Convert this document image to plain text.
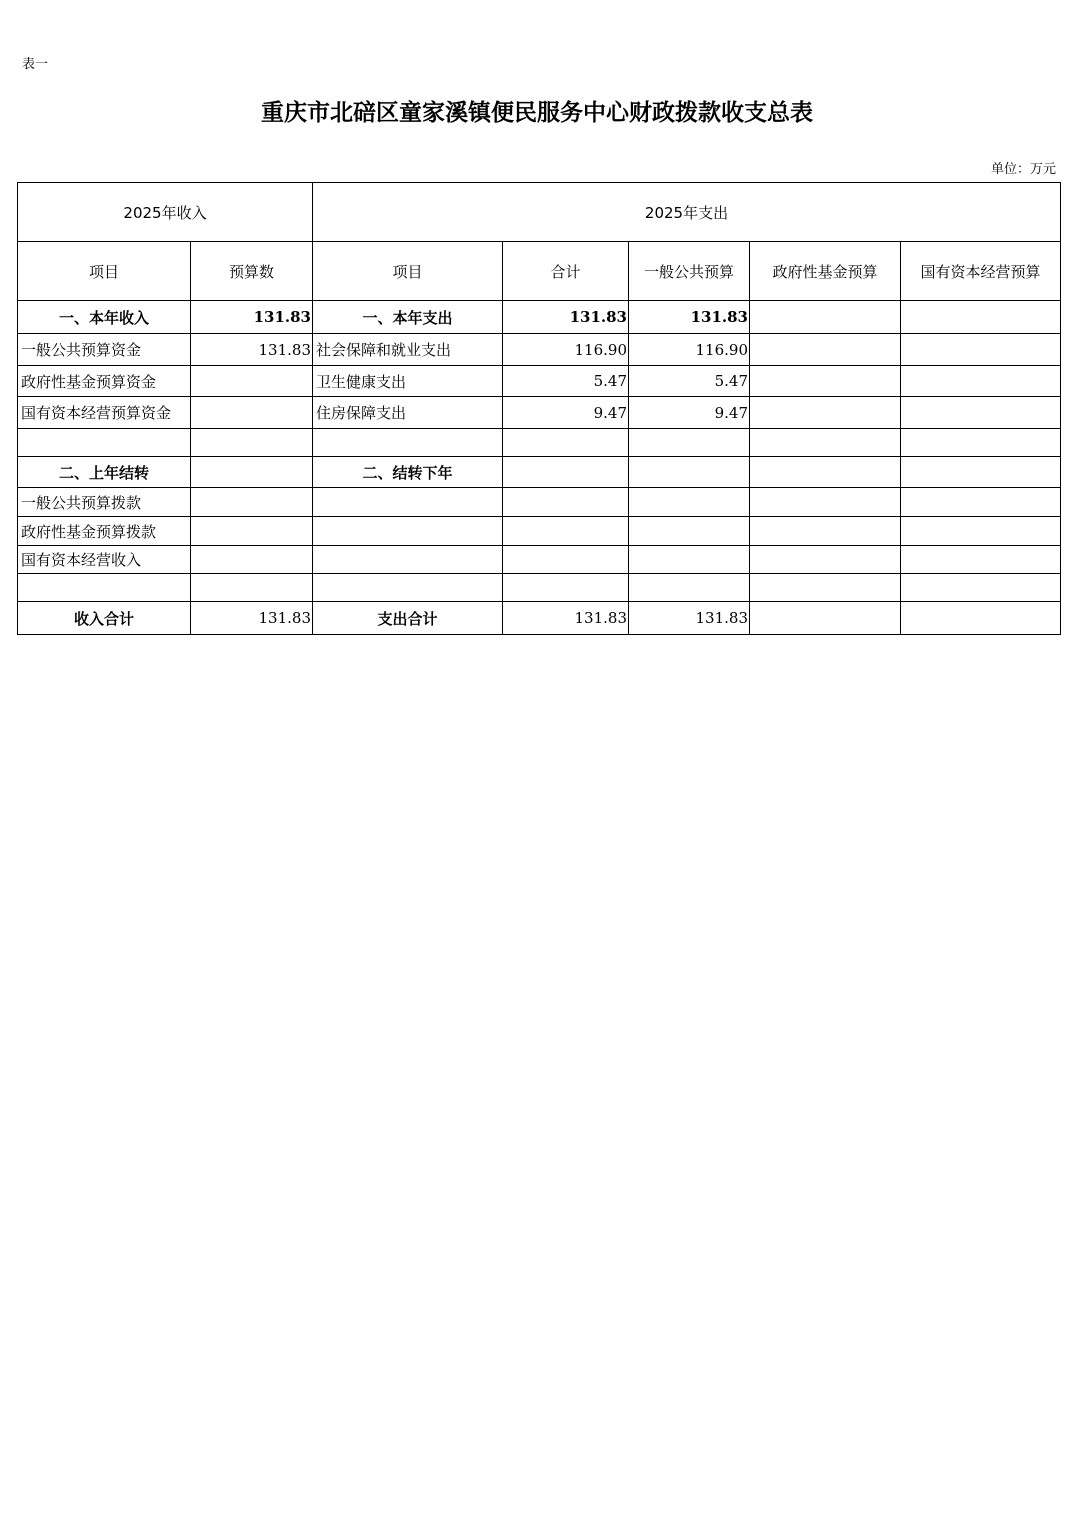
表一
重庆市北碚区童家溪镇便民服务中心财政拨款收支总表
单位：万元
2025年收入		2025年支出				
项目	预算数	项目	合计	一般公共预算	政府性基金预算	国有资本经营预算
一、本年收入	131.83	一、本年支出	131.83	131.83		
一般公共预算资金	131.83	社会保障和就业支出	116.90	116.90		
政府性基金预算资金		卫生健康支出	5.47	5.47		
国有资本经营预算资金		住房保障支出	9.47	9.47		

二、上年结转		二、结转下年				
一般公共预算拨款						
政府性基金预算拨款						
国有资本经营收入						

收入合计	131.83	支出合计	131.83	131.83		
